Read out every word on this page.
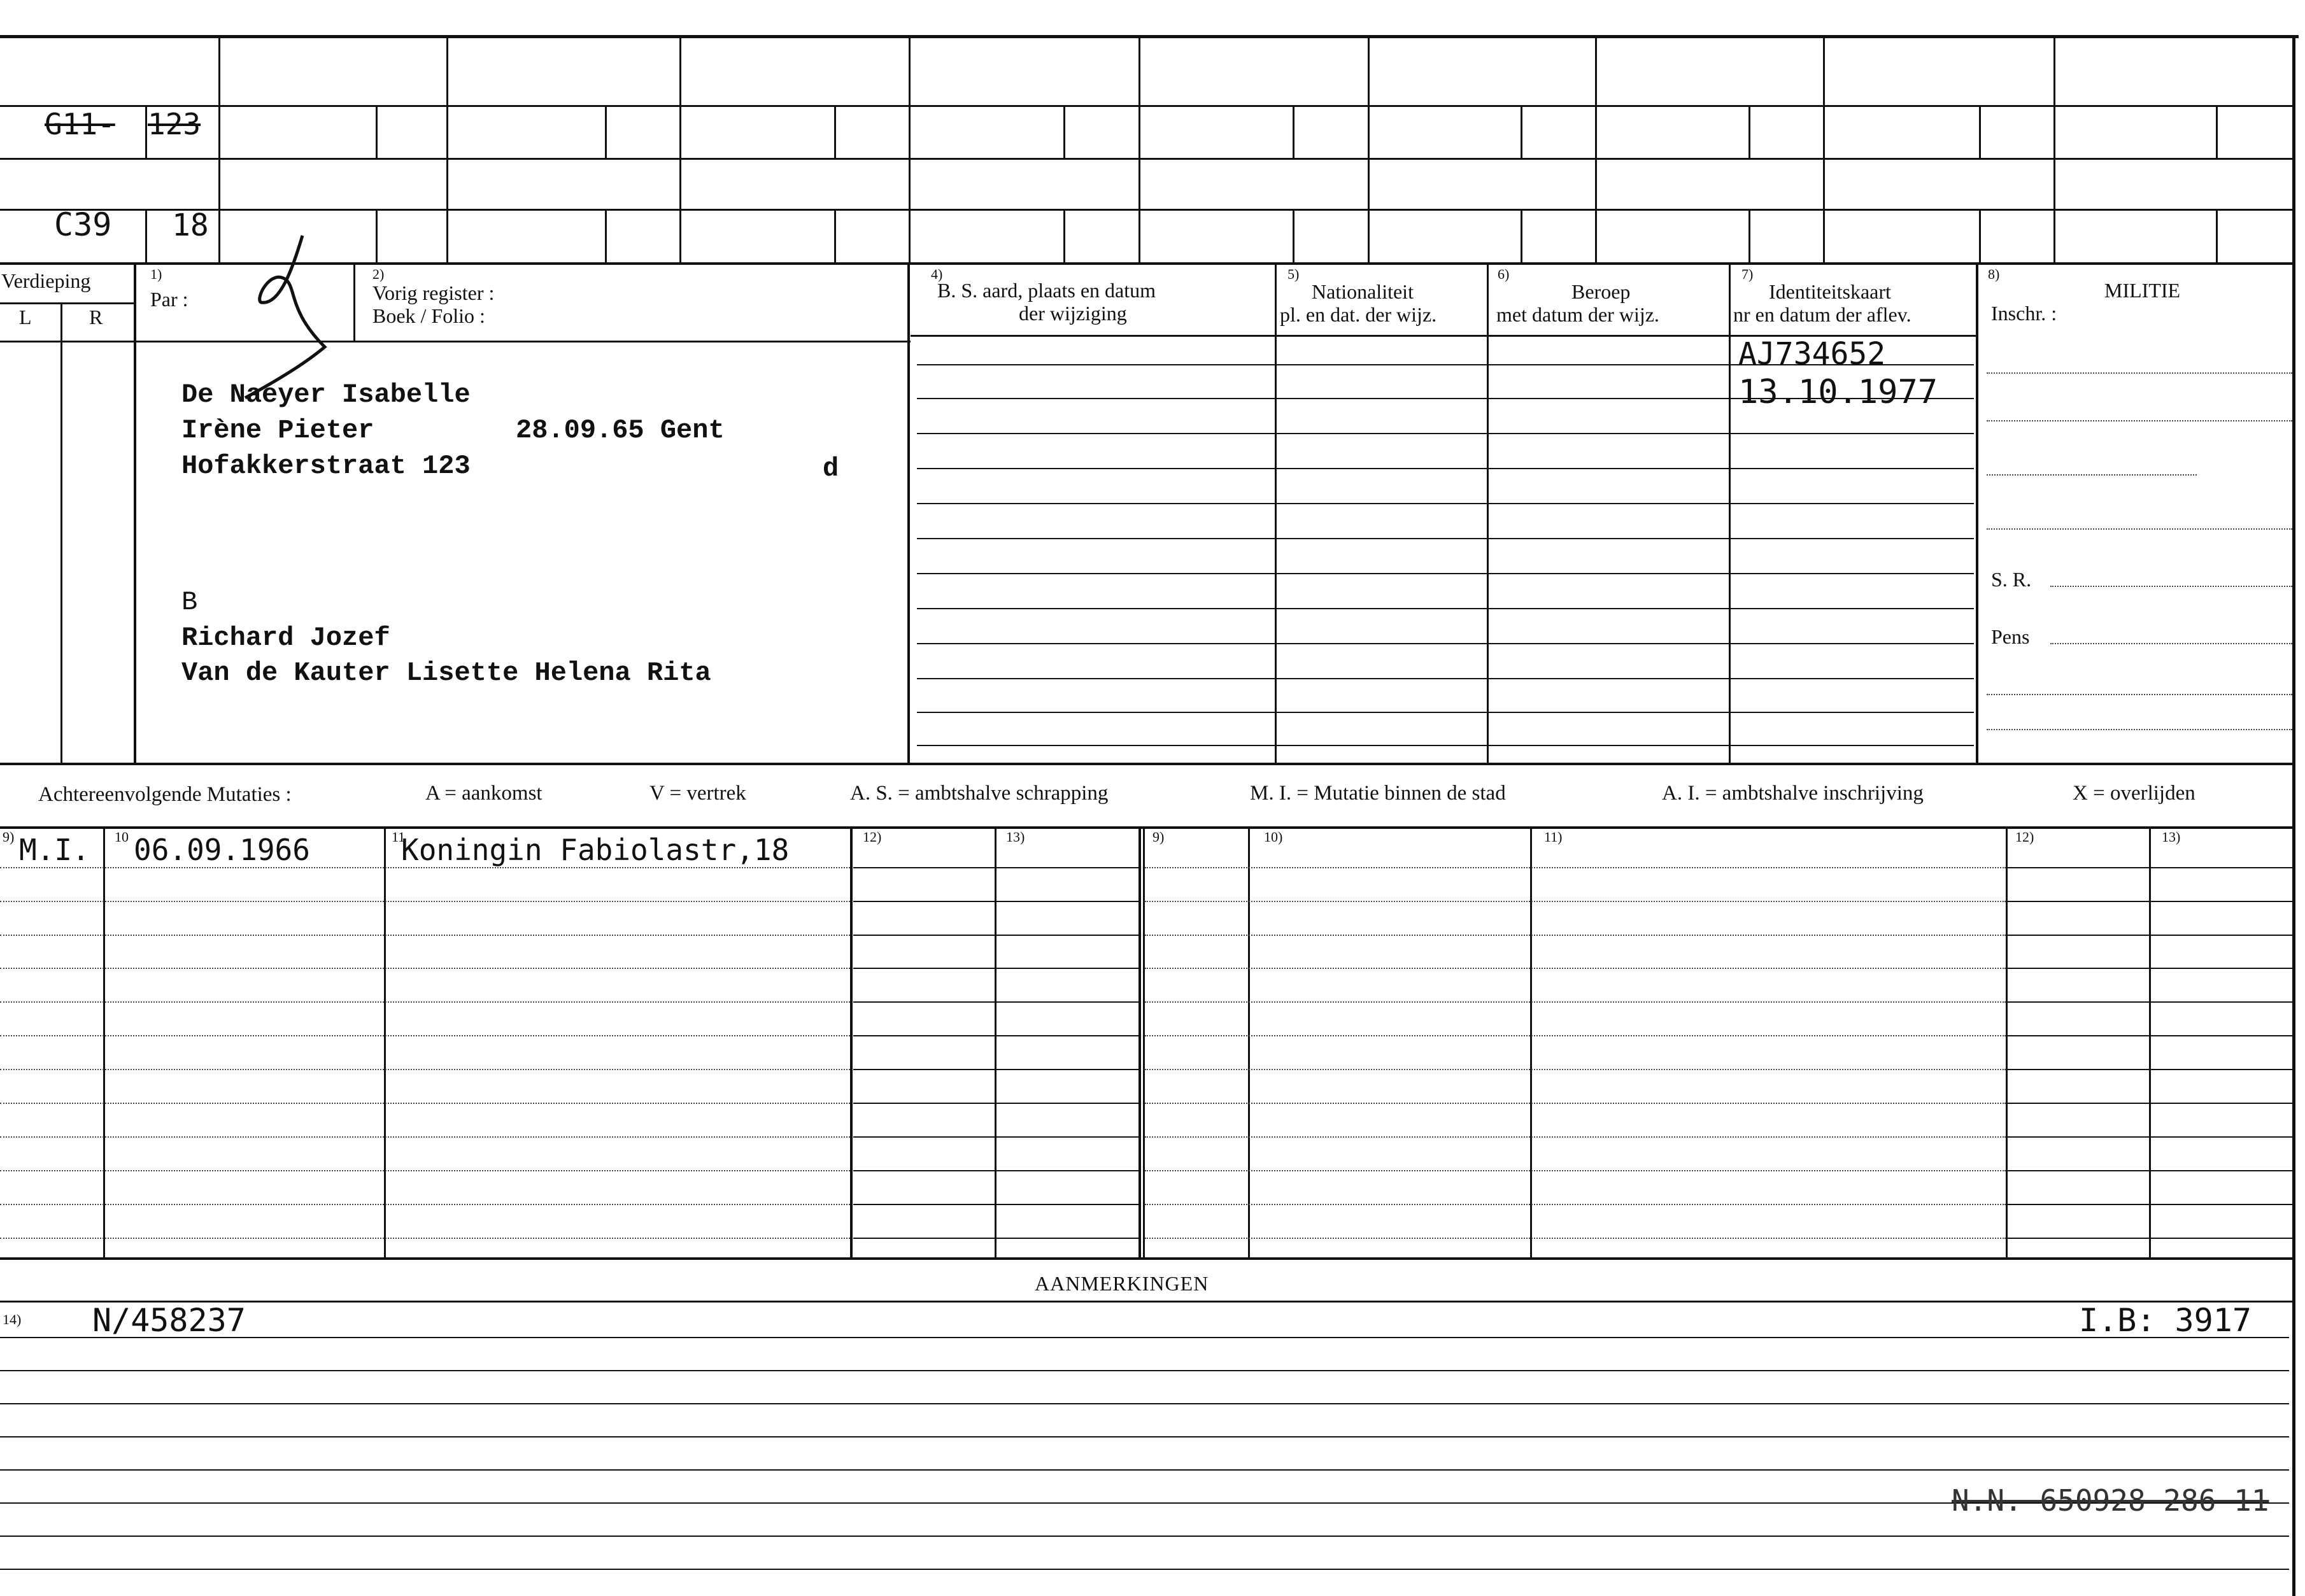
G11- 123
C39 18
Verdieping
L	R
1)
Par :
2)
Vorig register :
Boek / Folio :
De Naeyer Isabelle
Irène Pieter
Hofakkerstraat 123
28.09.65 Gent
d
B
Richard Jozef
Van de Kauter Lisette Helena Rita
4)
B. S. aard, plaats en datum
der wijziging
5)
Nationaliteit
pl. en dat. der wijz.
6)
Beroep
met datum der wijz.
7)
Identiteitskaart
nr en datum der aflev.
8)
MILITIE
Inschr. :
S. R.
Pens
AJ734652
13.10.1977
Achtereenvolgende Mutaties :	A = aankomst	V = vertrek	A. S. = ambtshalve schrapping	M. I. = Mutatie binnen de stad	A. I. = ambtshalve inschrijving	X = overlijden
9)	10	11	12)	13)	9)	10)	11)	12)	13)
M.I. 06.09.1966	Koningin Fabiolastr,18
AANMERKINGEN
14) N/458237	I.B: 3917
N.N. 650928 286 11
